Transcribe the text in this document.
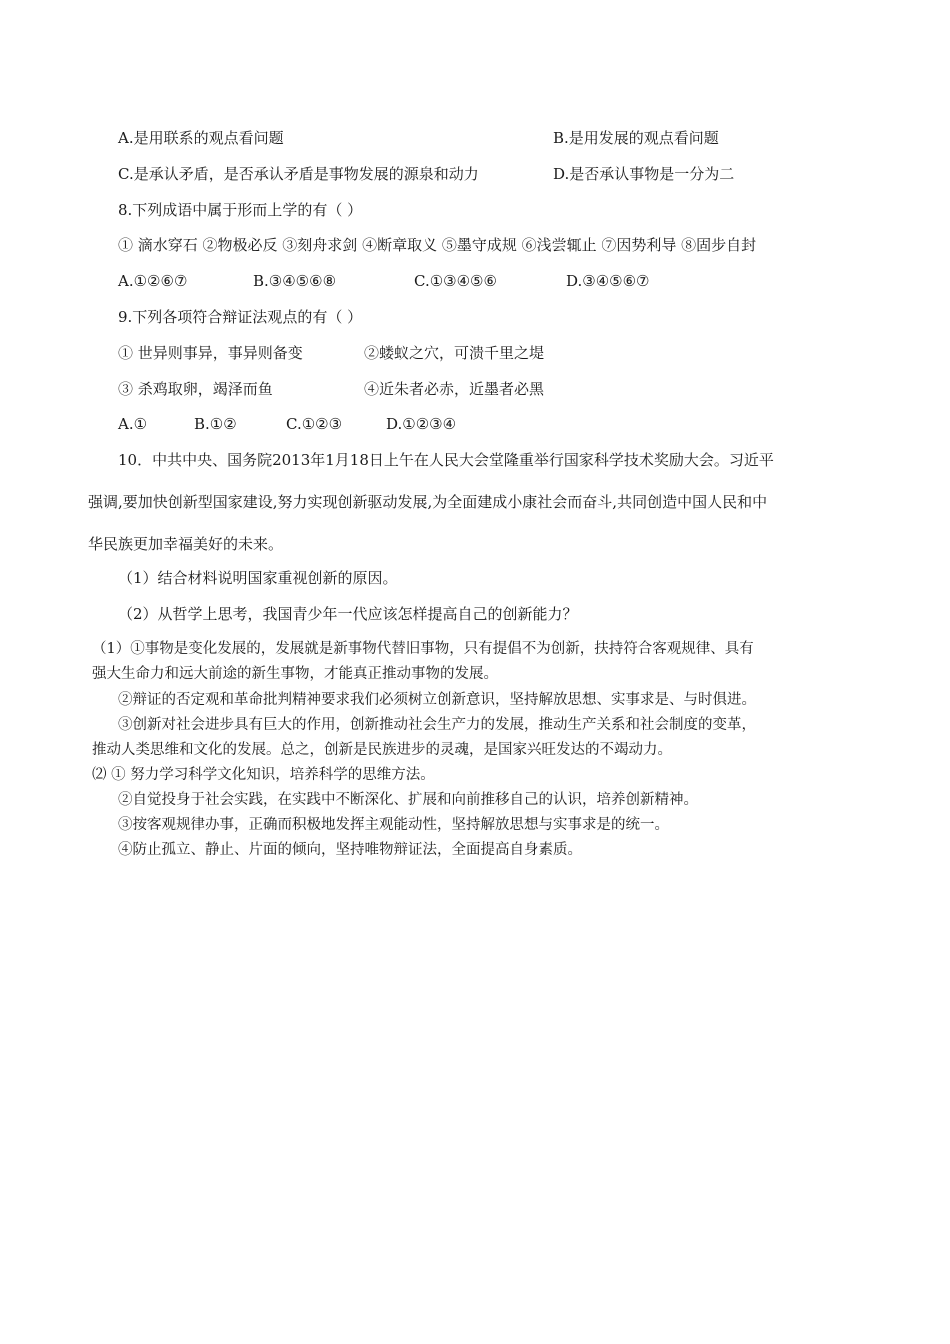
A.是用联系的观点看问题	B.是用发展的观点看问题
C.是承认矛盾，是否承认矛盾是事物发展的源泉和动力	D.是否承认事物是一分为二
8.下列成语中属于形而上学的有（ ）
① 滴水穿石 ②物极必反 ③刻舟求剑 ④断章取义 ⑤墨守成规 ⑥浅尝辄止 ⑦因势利导 ⑧固步自封
A.①②⑥⑦	B.③④⑤⑥⑧	C.①③④⑤⑥	D.③④⑤⑥⑦
9.下列各项符合辩证法观点的有（ ）
① 世异则事异，事异则备变	②蝼蚁之穴，可溃千里之堤
③ 杀鸡取卵，竭泽而鱼	④近朱者必赤，近墨者必黑
A.①	B.①②	C.①②③	D.①②③④
10．中共中央、国务院2013年1月18日上午在人民大会堂隆重举行国家科学技术奖励大会。习近平
强调,要加快创新型国家建设,努力实现创新驱动发展,为全面建成小康社会而奋斗,共同创造中国人民和中
华民族更加幸福美好的未来。
（1）结合材料说明国家重视创新的原因。
（2）从哲学上思考，我国青少年一代应该怎样提高自己的创新能力？
（1）①事物是变化发展的，发展就是新事物代替旧事物，只有提倡不为创新，扶持符合客观规律、具有
强大生命力和远大前途的新生事物，才能真正推动事物的发展。
②辩证的否定观和革命批判精神要求我们必须树立创新意识，坚持解放思想、实事求是、与时俱进。
③创新对社会进步具有巨大的作用，创新推动社会生产力的发展，推动生产关系和社会制度的变革，
推动人类思维和文化的发展。总之，创新是民族进步的灵魂，是国家兴旺发达的不竭动力。
⑵ ① 努力学习科学文化知识，培养科学的思维方法。
②自觉投身于社会实践，在实践中不断深化、扩展和向前推移自己的认识，培养创新精神。
③按客观规律办事，正确而积极地发挥主观能动性，坚持解放思想与实事求是的统一。
④防止孤立、静止、片面的倾向，坚持唯物辩证法，全面提高自身素质。
